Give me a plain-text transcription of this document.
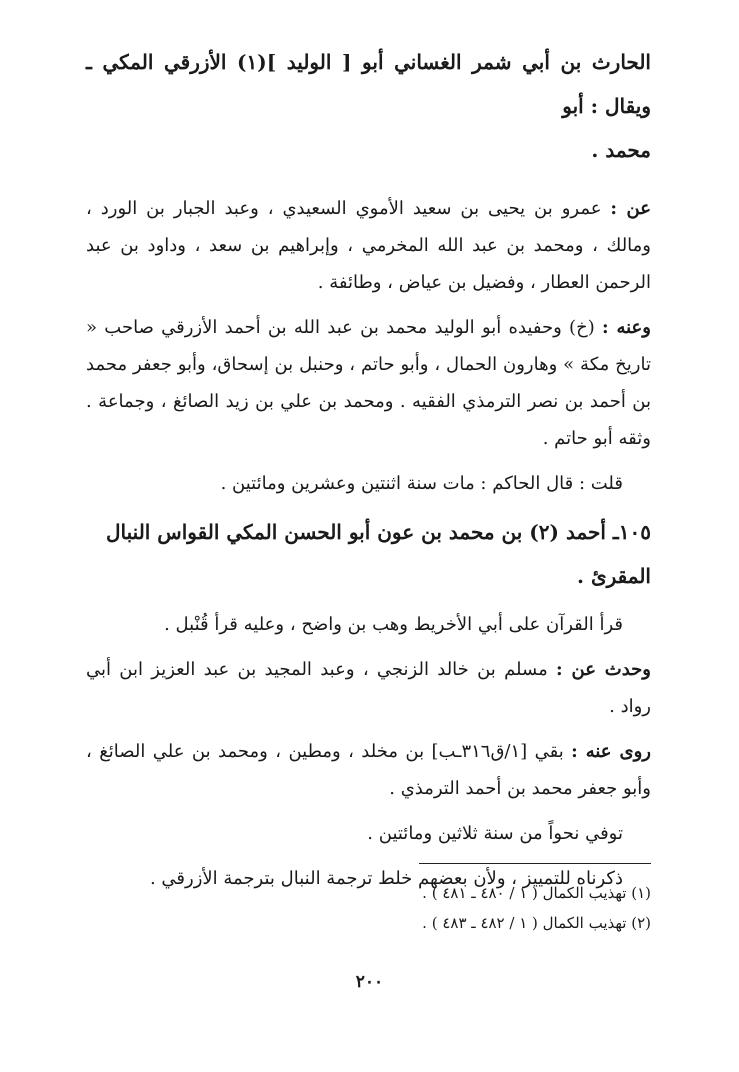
الحارث بن أبي شمر الغساني أبو [ الوليد ](١) الأزرقي المكي ـ ويقال : أبو
محمد .

عن : عمرو بن يحيى بن سعيد الأموي السعيدي ، وعبد الجبار بن الورد ، ومالك ، ومحمد بن عبد الله المخرمي ، وإبراهيم بن سعد ، وداود بن عبد الرحمن العطار ، وفضيل بن عياض ، وطائفة .

وعنه : (خ) وحفيده أبو الوليد محمد بن عبد الله بن أحمد الأزرقي صاحب « تاريخ مكة » وهارون الحمال ، وأبو حاتم ، وحنبل بن إسحاق، وأبو جعفر محمد بن أحمد بن نصر الترمذي الفقيه . ومحمد بن علي بن زيد الصائغ ، وجماعة . وثقه أبو حاتم .

قلت : قال الحاكم : مات سنة اثنتين وعشرين ومائتين .

١٠٥ـ أحمد (٢) بن محمد بن عون أبو الحسن المكي القواس النبال
المقرئ .

قرأ القرآن على أبي الأخريط وهب بن واضح ، وعليه قرأ قُنْبل .

وحدث عن : مسلم بن خالد الزنجي ، وعبد المجيد بن عبد العزيز ابن أبي رواد .

روى عنه : بقي [١/ق٣١٦ـب] بن مخلد ، ومطين ، ومحمد بن علي الصائغ ، وأبو جعفر محمد بن أحمد الترمذي .

توفي نحواً من سنة ثلاثين ومائتين .

ذكرناه للتمييز ، ولأن بعضهم خلط ترجمة النبال بترجمة الأزرقي .

(١) تهذيب الكمال ( ١ / ٤٨٠ ـ ٤٨١ ) .

(٢) تهذيب الكمال ( ١ / ٤٨٢ ـ ٤٨٣ ) .

٢٠٠
